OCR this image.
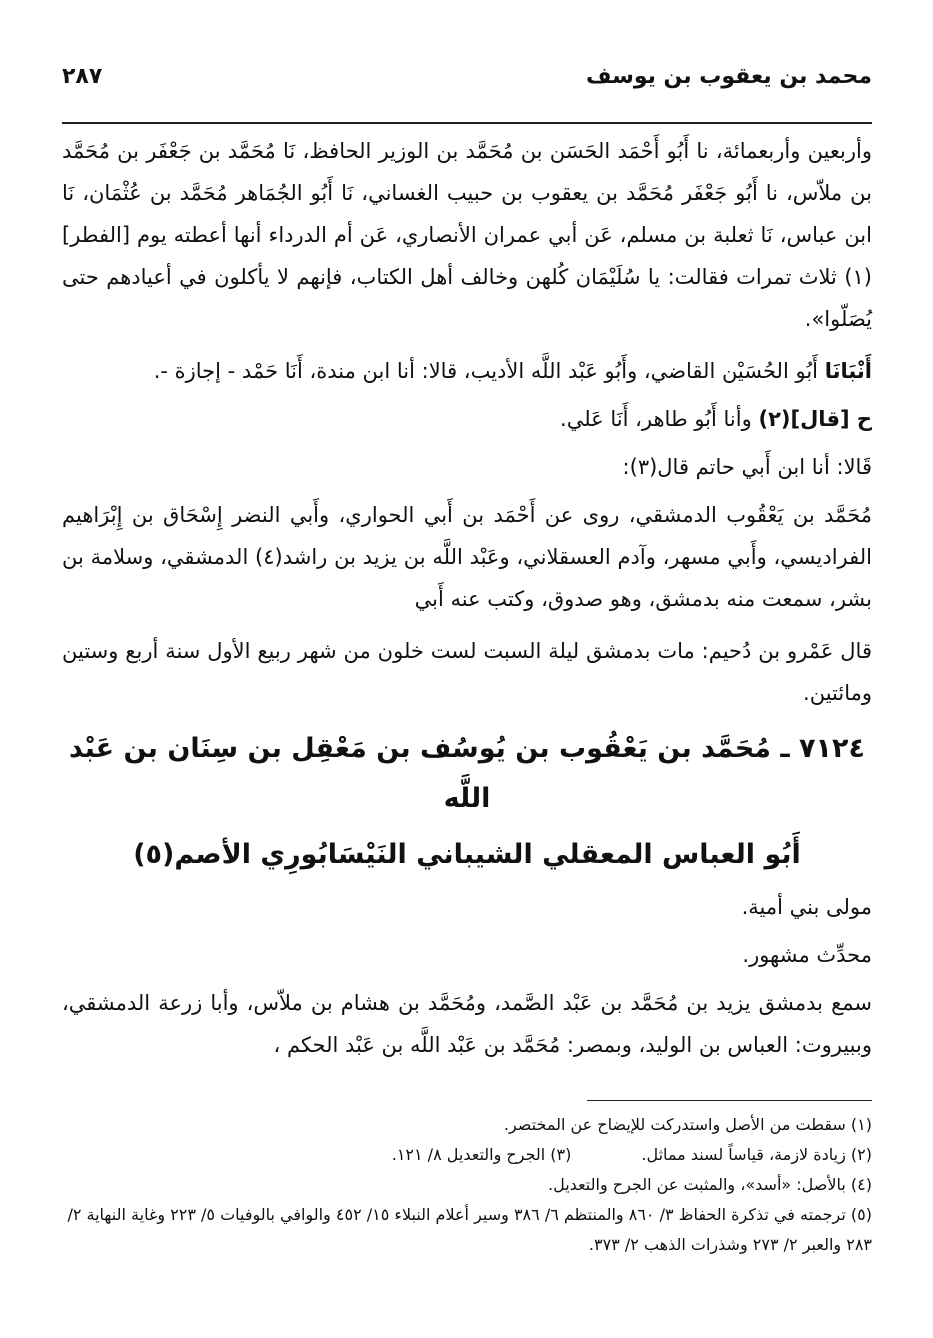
محمد بن يعقوب بن يوسف
٢٨٧

وأربعين وأربعمائة، نا أَبُو أَحْمَد الحَسَن بن مُحَمَّد بن الوزير الحافظ، نَا مُحَمَّد بن جَعْفَر بن مُحَمَّد بن ملاّس، نا أَبُو جَعْفَر مُحَمَّد بن يعقوب بن حبيب الغساني، نَا أَبُو الجُمَاهر مُحَمَّد بن عُثْمَان، نَا ابن عباس، نَا ثعلبة بن مسلم، عَن أبي عمران الأنصاري، عَن أم الدرداء أنها أعطته يوم [الفطر](١) ثلاث تمرات فقالت: يا سُلَيْمَان كُلهن وخالف أهل الكتاب، فإنهم لا يأكلون في أعيادهم حتى يُصَلّوا».

أَنْبَانَا أَبُو الحُسَيْن القاضي، وأَبُو عَبْد اللَّه الأديب، قالا: أنا ابن مندة، أَنَا حَمْد - إجازة -.

ح [قال](٢) وأنا أَبُو طاهر، أَنَا عَلي.

قَالا: أنا ابن أَبي حاتم قال(٣):

مُحَمَّد بن يَعْقُوب الدمشقي، روى عن أَحْمَد بن أَبي الحواري، وأَبي النضر إِسْحَاق بن إِبْرَاهيم الفراديسي، وأَبي مسهر، وآدم العسقلاني، وعَبْد اللَّه بن يزيد بن راشد(٤) الدمشقي، وسلامة بن بشر، سمعت منه بدمشق، وهو صدوق، وكتب عنه أَبي

قال عَمْرو بن دُحيم: مات بدمشق ليلة السبت لست خلون من شهر ربيع الأول سنة أربع وستين ومائتين.

٧١٢٤ ـ مُحَمَّد بن يَعْقُوب بن يُوسُف بن مَعْقِل بن سِنَان بن عَبْد اللَّه
أَبُو العباس المعقلي الشيباني النَيْسَابُورِي الأصم(٥)

مولى بني أمية.

محدِّث مشهور.

سمع بدمشق يزيد بن مُحَمَّد بن عَبْد الصَّمد، ومُحَمَّد بن هشام بن ملاّس، وأبا زرعة الدمشقي، وببيروت: العباس بن الوليد، وبمصر: مُحَمَّد بن عَبْد اللَّه بن عَبْد الحكم ،

(١) سقطت من الأصل واستدركت للإيضاح عن المختصر.

(٢) زيادة لازمة، قياساً لسند مماثل.

(٣) الجرح والتعديل ٨/ ١٢١.

(٤) بالأصل: «أسد»، والمثبت عن الجرح والتعديل.

(٥) ترجمته في تذكرة الحفاظ ٣/ ٨٦٠ والمنتظم ٦/ ٣٨٦ وسير أعلام النبلاء ١٥/ ٤٥٢ والوافي بالوفيات ٥/ ٢٢٣ وغاية النهاية ٢/ ٢٨٣ والعبر ٢/ ٢٧٣ وشذرات الذهب ٢/ ٣٧٣.
